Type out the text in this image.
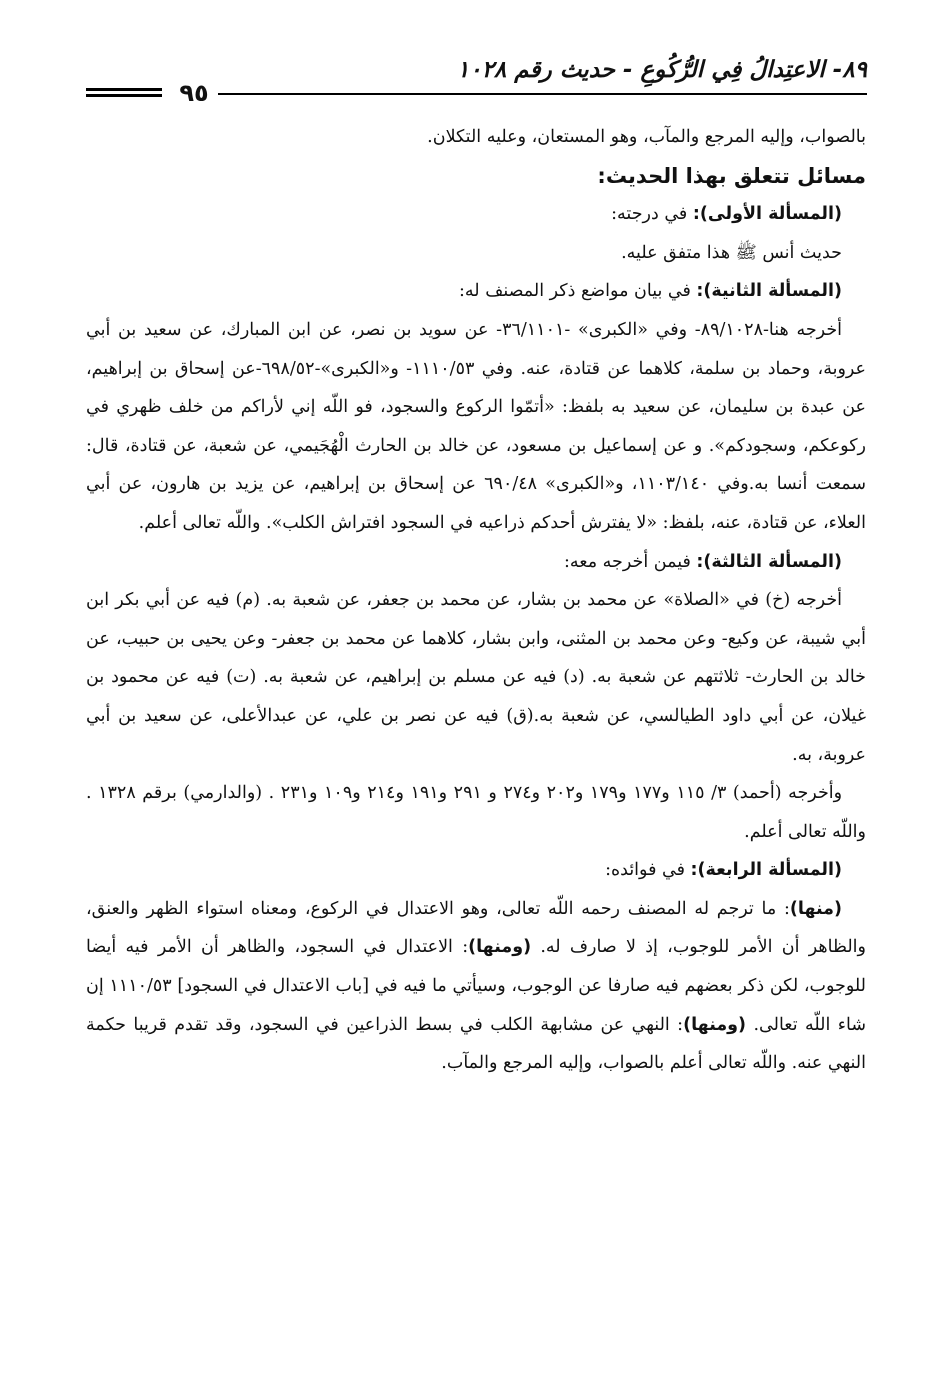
٨٩- الاعتِدالُ فِي الرُّكُوعِ - حديث رقم ١٠٢٨
٩٥

بالصواب، وإليه المرجع والمآب، وهو المستعان، وعليه التكلان.

مسائل تتعلق بهذا الحديث:

(المسألة الأولى): في درجته:

حديث أنس ﷺ هذا متفق عليه.

(المسألة الثانية): في بيان مواضع ذكر المصنف له:

أخرجه هنا-٨٩/١٠٢٨- وفي «الكبرى» -٣٦/١١٠١- عن سويد بن نصر، عن ابن المبارك، عن سعيد بن أبي عروبة، وحماد بن سلمة، كلاهما عن قتادة، عنه. وفي ١١١٠/٥٣- و«الكبرى»-٦٩٨/٥٢-عن إسحاق بن إبراهيم، عن عبدة بن سليمان، عن سعيد به بلفظ: «أتمّوا الركوع والسجود، فو اللّه إني لأراكم من خلف ظهري في ركوعكم، وسجودكم». و عن إسماعيل بن مسعود، عن خالد بن الحارث الْهُجَيمي، عن شعبة، عن قتادة، قال: سمعت أنسا به.وفي ١١٠٣/١٤٠، و«الكبرى» ٦٩٠/٤٨ عن إسحاق بن إبراهيم، عن يزيد بن هارون، عن أبي العلاء، عن قتادة، عنه، بلفظ: «لا يفترش أحدكم ذراعيه في السجود افتراش الكلب». واللّه تعالى أعلم.

(المسألة الثالثة): فيمن أخرجه معه:

أخرجه (خ) في «الصلاة» عن محمد بن بشار، عن محمد بن جعفر، عن شعبة به. (م) فيه عن أبي بكر ابن أبي شيبة، عن وكيع- وعن محمد بن المثنى، وابن بشار، كلاهما عن محمد بن جعفر- وعن يحيى بن حبيب، عن خالد بن الحارث- ثلاثتهم عن شعبة به. (د) فيه عن مسلم بن إبراهيم، عن شعبة به. (ت) فيه عن محمود بن غيلان، عن أبي داود الطيالسي، عن شعبة به.(ق) فيه عن نصر بن علي، عن عبدالأعلى، عن سعيد بن أبي عروبة، به.

وأخرجه (أحمد) ٣/ ١١٥ و١٧٧ و١٧٩ و٢٠٢ و٢٧٤ و ٢٩١ و١٩١ و٢١٤ و١٠٩ و٢٣١ . (والدارمي) برقم ١٣٢٨ . واللّه تعالى أعلم.

(المسألة الرابعة): في فوائده:

(منها): ما ترجم له المصنف رحمه اللّه تعالى، وهو الاعتدال في الركوع، ومعناه استواء الظهر والعنق، والظاهر أن الأمر للوجوب، إذ لا صارف له. (ومنها): الاعتدال في السجود، والظاهر أن الأمر فيه أيضا للوجوب، لكن ذكر بعضهم فيه صارفا عن الوجوب، وسيأتي ما فيه في [باب الاعتدال في السجود] ١١١٠/٥٣ إن شاء اللّه تعالى. (ومنها): النهي عن مشابهة الكلب في بسط الذراعين في السجود، وقد تقدم قريبا حكمة النهي عنه. واللّه تعالى أعلم بالصواب، وإليه المرجع والمآب.
